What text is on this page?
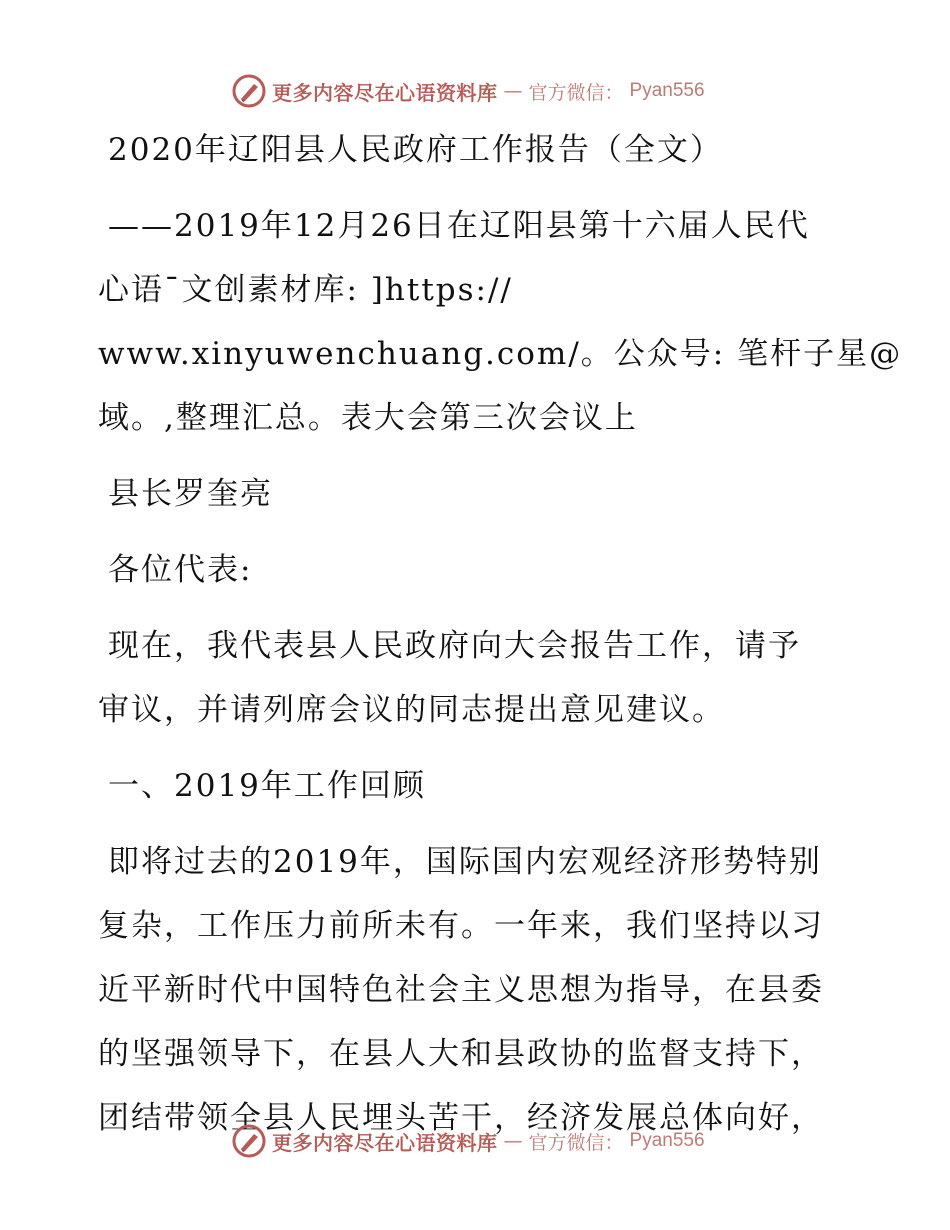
更多内容尽在心语资料库 — 官方微信： Pyan556
2020年辽阳县人民政府工作报告（全文）
——2019年12月26日在辽阳县第十六届人民代
心语¯文创素材库: ]https://
www.xinyuwenchuang.com/。公众号: 笔杆子星@
域。,整理汇总。表大会第三次会议上
县长罗奎亮
各位代表:
现在，我代表县人民政府向大会报告工作，请予
审议，并请列席会议的同志提出意见建议。
一、2019年工作回顾
即将过去的2019年，国际国内宏观经济形势特别
复杂，工作压力前所未有。一年来，我们坚持以习
近平新时代中国特色社会主义思想为指导，在县委
的坚强领导下，在县人大和县政协的监督支持下，
团结带领全县人民埋头苦干，经济发展总体向好，
更多内容尽在心语资料库 — 官方微信： Pyan556
